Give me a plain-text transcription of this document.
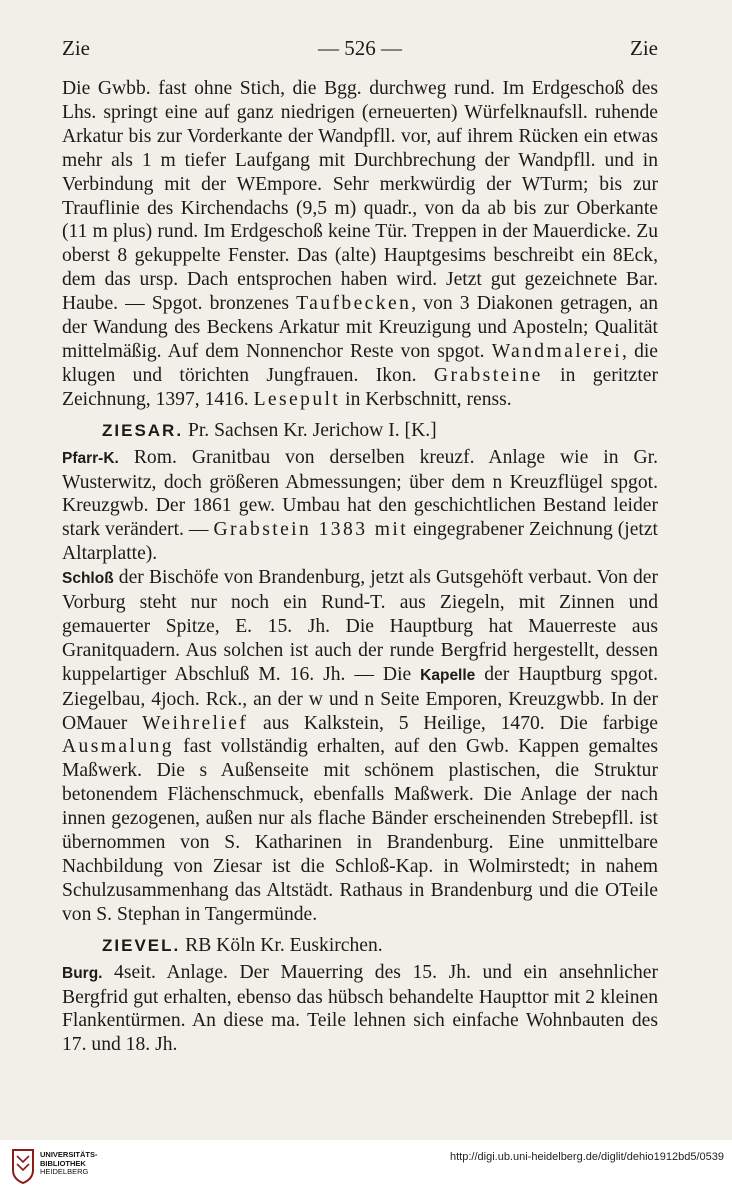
Zie	— 526 —	Zie

Die Gwbb. fast ohne Stich, die Bgg. durchweg rund. Im Erdgeschoß des Lhs. springt eine auf ganz niedrigen (erneuerten) Würfelknaufsll. ruhende Arkatur bis zur Vorderkante der Wandpfll. vor, auf ihrem Rücken ein etwas mehr als 1 m tiefer Laufgang mit Durchbrechung der Wandpfll. und in Verbindung mit der WEmpore. Sehr merkwürdig der WTurm; bis zur Trauflinie des Kirchendachs (9,5 m) quadr., von da ab bis zur Oberkante (11 m plus) rund. Im Erdgeschoß keine Tür. Treppen in der Mauerdicke. Zu oberst 8 gekuppelte Fenster. Das (alte) Hauptgesims beschreibt ein 8Eck, dem das ursp. Dach entsprochen haben wird. Jetzt gut gezeichnete Bar. Haube. — Spgot. bronzenes Taufbecken, von 3 Diakonen getragen, an der Wandung des Beckens Arkatur mit Kreuzigung und Aposteln; Qualität mittelmäßig. Auf dem Nonnenchor Reste von spgot. Wandmalerei, die klugen und törichten Jungfrauen. Ikon. Grabsteine in geritzter Zeichnung, 1397, 1416. Lesepult in Kerbschnitt, renss.

ZIESAR. Pr. Sachsen Kr. Jerichow I. [K.]

Pfarr-K. Rom. Granitbau von derselben kreuzf. Anlage wie in Gr. Wusterwitz, doch größeren Abmessungen; über dem n Kreuzflügel spgot. Kreuzgwb. Der 1861 gew. Umbau hat den geschichtlichen Bestand leider stark verändert. — Grabstein 1383 mit eingegrabener Zeichnung (jetzt Altarplatte).

Schloß der Bischöfe von Brandenburg, jetzt als Gutsgehöft verbaut. Von der Vorburg steht nur noch ein Rund-T. aus Ziegeln, mit Zinnen und gemauerter Spitze, E. 15. Jh. Die Hauptburg hat Mauerreste aus Granitquadern. Aus solchen ist auch der runde Bergfrid hergestellt, dessen kuppelartiger Abschluß M. 16. Jh. — Die Kapelle der Hauptburg spgot. Ziegelbau, 4joch. Rck., an der w und n Seite Emporen, Kreuzgwbb. In der OMauer Weihrelief aus Kalkstein, 5 Heilige, 1470. Die farbige Ausmalung fast vollständig erhalten, auf den Gwb. Kappen gemaltes Maßwerk. Die s Außenseite mit schönem plastischen, die Struktur betonendem Flächenschmuck, ebenfalls Maßwerk. Die Anlage der nach innen gezogenen, außen nur als flache Bänder erscheinenden Strebepfll. ist übernommen von S. Katharinen in Brandenburg. Eine unmittelbare Nachbildung von Ziesar ist die Schloß-Kap. in Wolmirstedt; in nahem Schulzusammenhang das Altstädt. Rathaus in Brandenburg und die OTeile von S. Stephan in Tangermünde.

ZIEVEL. RB Köln Kr. Euskirchen.

Burg. 4seit. Anlage. Der Mauerring des 15. Jh. und ein ansehnlicher Bergfrid gut erhalten, ebenso das hübsch behandelte Haupttor mit 2 kleinen Flankentürmen. An diese ma. Teile lehnen sich einfache Wohnbauten des 17. und 18. Jh.

UNIVERSITÄTS-
BIBLIOTHEK
HEIDELBERG
http://digi.ub.uni-heidelberg.de/diglit/dehio1912bd5/0539
